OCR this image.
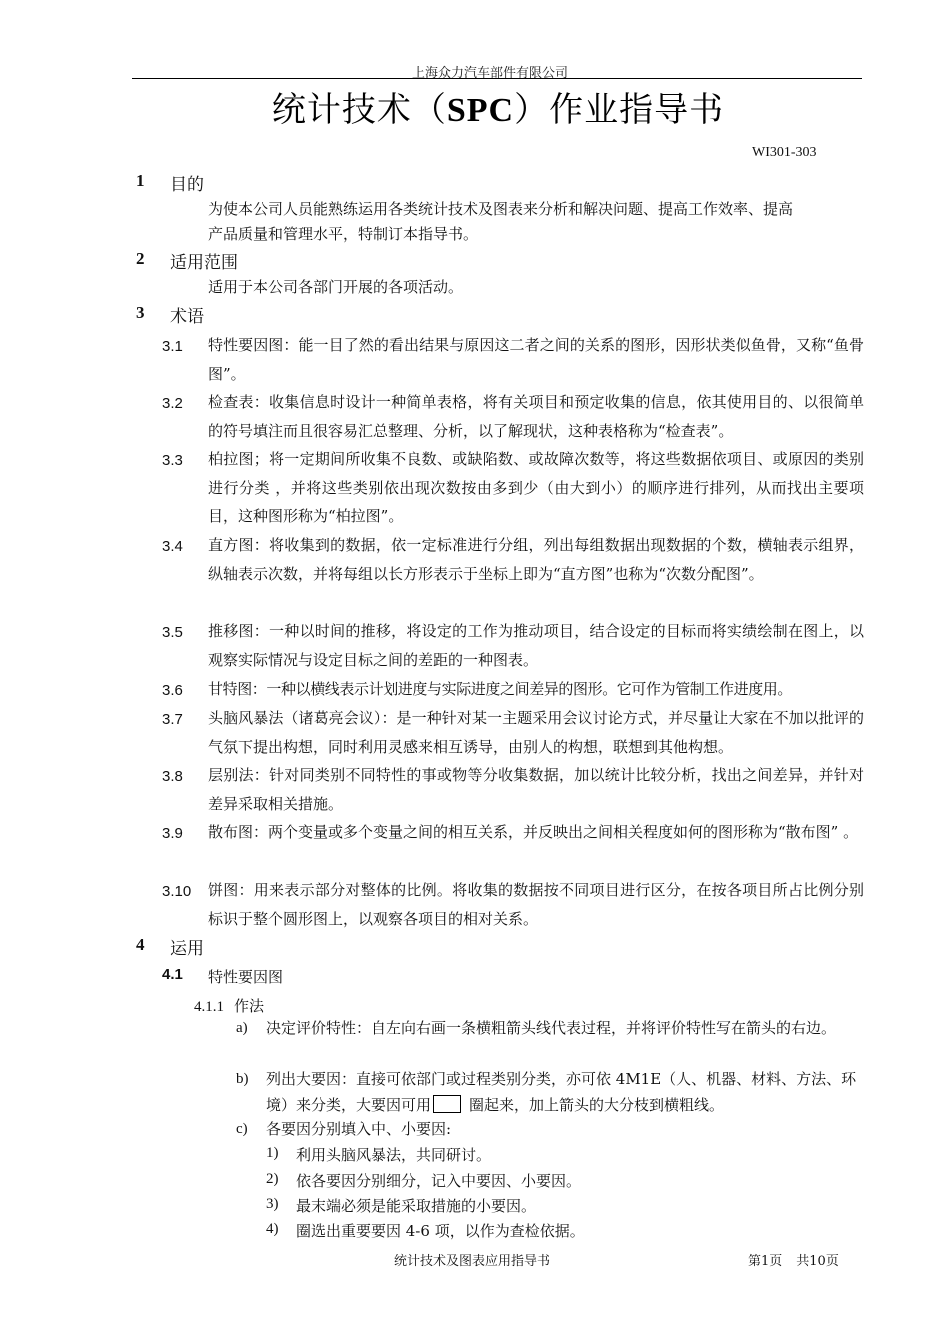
上海众力汽车部件有限公司
统计技术（SPC）作业指导书
WI301-303
1 目的
为使本公司人员能熟练运用各类统计技术及图表来分析和解决问题、提高工作效率、提高
产品质量和管理水平，特制订本指导书。
2 适用范围
适用于本公司各部门开展的各项活动。
3 术语
3.1 特性要因图：能一目了然的看出结果与原因这二者之间的关系的图形，因形状类似鱼骨，又称“鱼骨图”。
3.2 检查表：收集信息时设计一种简单表格，将有关项目和预定收集的信息，依其使用目的、以很简单的符号填注而且很容易汇总整理、分析，以了解现状，这种表格称为“检查表”。
3.3 柏拉图；将一定期间所收集不良数、或缺陷数、或故障次数等，将这些数据依项目、或原因的类别进行分类 ，并将这些类别依出现次数按由多到少（由大到小）的顺序进行排列，从而找出主要项目，这种图形称为“柏拉图”。
3.4 直方图：将收集到的数据，依一定标准进行分组，列出每组数据出现数据的个数，横轴表示组界，纵轴表示次数，并将每组以长方形表示于坐标上即为“直方图”也称为“次数分配图”。
3.5 推移图：一种以时间的推移，将设定的工作为推动项目，结合设定的目标而将实绩绘制在图上，以观察实际情况与设定目标之间的差距的一种图表。
3.6 甘特图：一种以横线表示计划进度与实际进度之间差异的图形。它可作为管制工作进度用。
3.7 头脑风暴法（诸葛亮会议）：是一种针对某一主题采用会议讨论方式，并尽量让大家在不加以批评的气氛下提出构想，同时利用灵感来相互诱导，由别人的构想，联想到其他构想。
3.8 层别法：针对同类别不同特性的事或物等分收集数据，加以统计比较分析，找出之间差异，并针对差异采取相关措施。
3.9 散布图：两个变量或多个变量之间的相互关系，并反映出之间相关程度如何的图形称为“散布图” 。
3.10 饼图：用来表示部分对整体的比例。将收集的数据按不同项目进行区分，在按各项目所占比例分别标识于整个圆形图上，以观察各项目的相对关系。
4 运用
4.1 特性要因图
4.1.1 作法
a) 决定评价特性：自左向右画一条横粗箭头线代表过程，并将评价特性写在箭头的右边。
b) 列出大要因：直接可依部门或过程类别分类，亦可依 4M1E（人、机器、材料、方法、环境）来分类，大要因可用	圈起来，加上箭头的大分枝到横粗线。
c) 各要因分别填入中、小要因:
1) 利用头脑风暴法，共同研讨。
2) 依各要因分别细分，记入中要因、小要因。
3) 最末端必须是能采取措施的小要因。
4) 圈选出重要要因 4-6 项，以作为查检依据。
统计技术及图表应用指导书	第1页 共10页
